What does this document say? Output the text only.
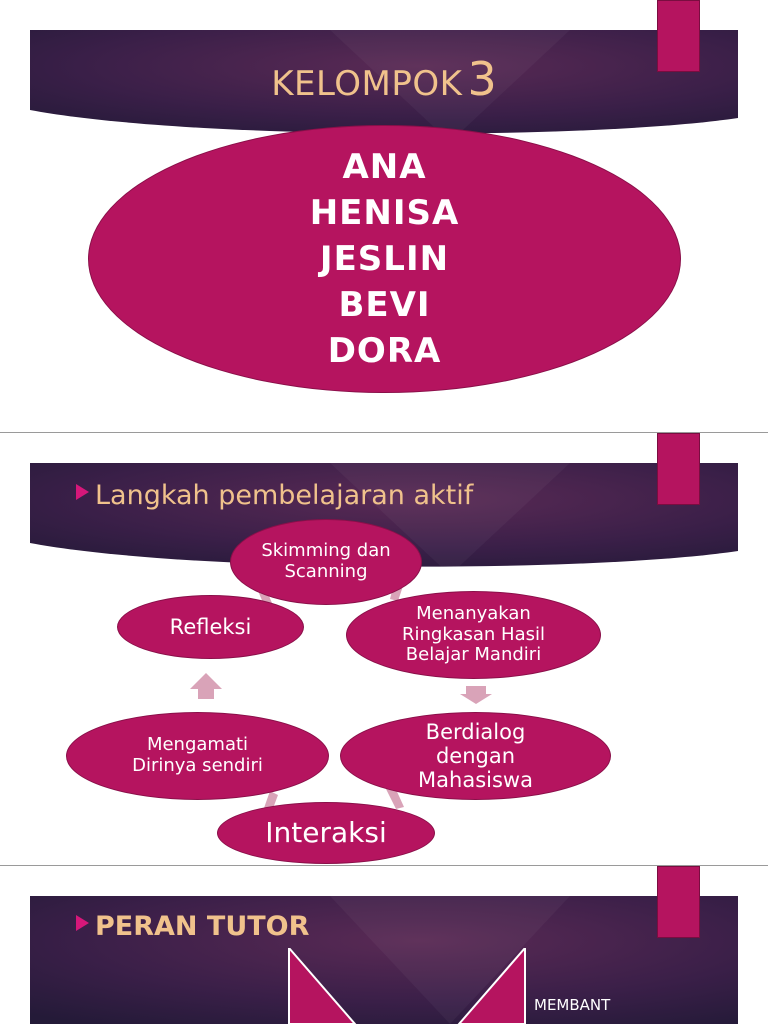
KELOMPOK 3
ANA
HENISA
JESLIN
BEVI
DORA
Langkah pembelajaran aktif
Skimming dan Scanning
Menanyakan Ringkasan Hasil Belajar Mandiri
Berdialog dengan Mahasiswa
Interaksi
Mengamati Dirinya sendiri
Refleksi
PERAN TUTOR
MEMBANT
